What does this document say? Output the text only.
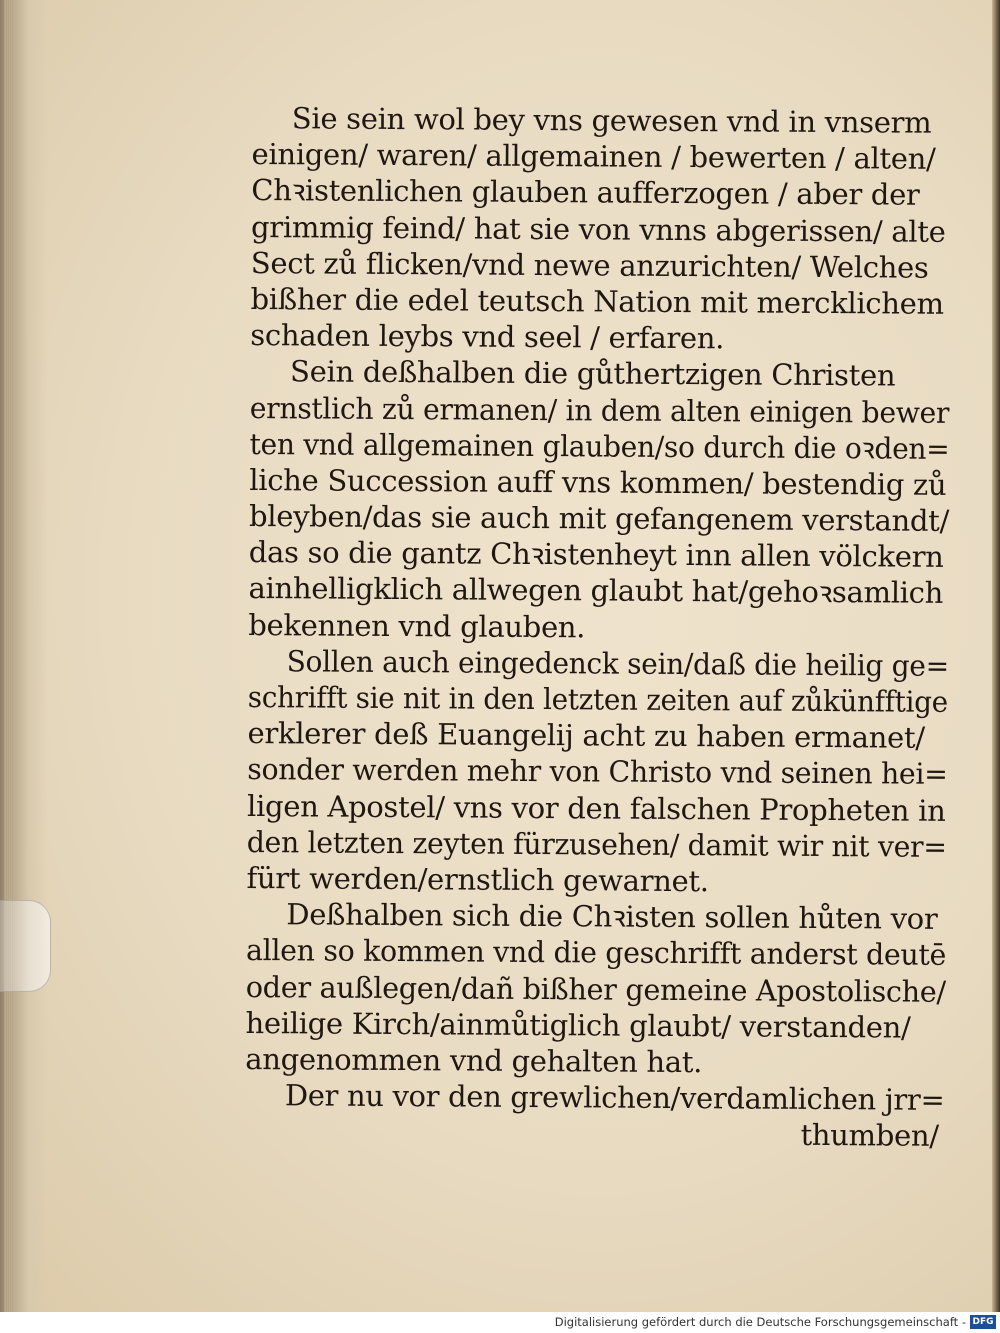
Sie sein wol bey vns gewesen vnd in vnserm
einigen/ waren/ allgemainen / bewerten / alten/
Chꝛistenlichen glauben aufferzogen / aber der
grimmig feind/ hat sie von vnns abgerissen/ alte
Sect zů flicken/vnd newe anzurichten/ Welches
bißher die edel teutsch Nation mit mercklichem
schaden leybs vnd seel / erfaren.
Sein deßhalben die gůthertzigen Christen
ernstlich zů ermanen/ in dem alten einigen bewer
ten vnd allgemainen glauben/so durch die oꝛden=
liche Succession auff vns kommen/ bestendig zů
bleyben/das sie auch mit gefangenem verstandt/
das so die gantz Chꝛistenheyt inn allen völckern
ainhelligklich allwegen glaubt hat/gehoꝛsamlich
bekennen vnd glauben.
Sollen auch eingedenck sein/daß die heilig ge=
schrifft sie nit in den letzten zeiten auf zůkünfftige
erklerer deß Euangelij acht zu haben ermanet/
sonder werden mehr von Christo vnd seinen hei=
ligen Apostel/ vns vor den falschen Propheten in
den letzten zeyten fürzusehen/ damit wir nit ver=
fürt werden/ernstlich gewarnet.
Deßhalben sich die Chꝛisten sollen hůten vor
allen so kommen vnd die geschrifft anderst deutē
oder außlegen/dañ bißher gemeine Apostolische/
heilige Kirch/ainmůtiglich glaubt/ verstanden/
angenommen vnd gehalten hat.
Der nu vor den grewlichen/verdamlichen jrr=
thumben/
Digitalisierung gefördert durch die Deutsche Forschungsgemeinschaft - DFG
